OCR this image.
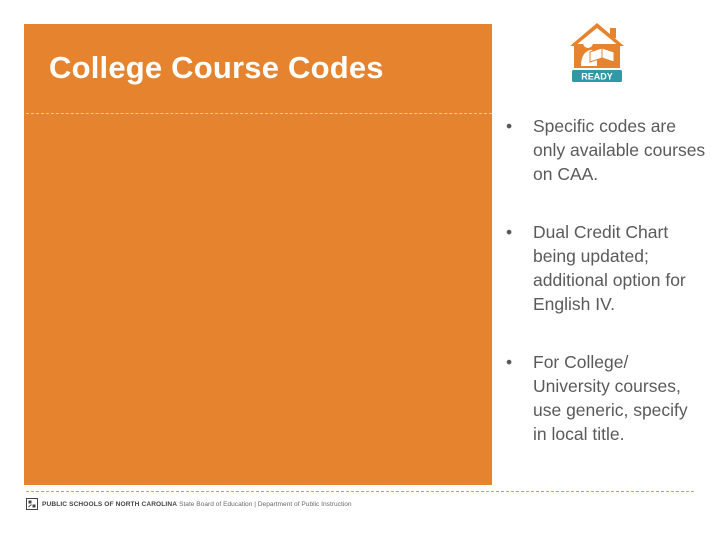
College Course Codes	READY
• Specific codes are only available courses on CAA.
• Dual Credit Chart being updated; additional option for English IV.
• For College/ University courses, use generic, specify in local title.
PUBLIC SCHOOLS OF NORTH CAROLINA State Board of Education | Department of Public Instruction
